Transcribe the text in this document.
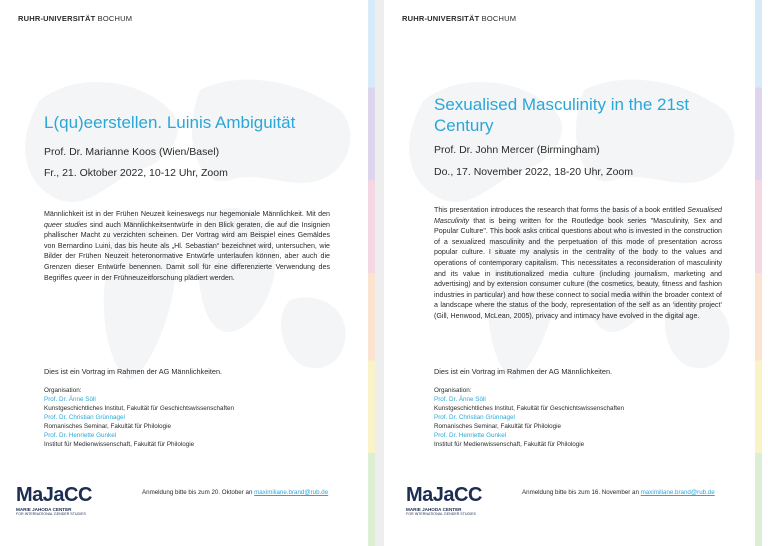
RUHR-UNIVERSITÄT BOCHUM
L(qu)eerstellen. Luinis Ambiguität
Prof. Dr. Marianne Koos (Wien/Basel)
Fr., 21. Oktober 2022, 10-12 Uhr, Zoom
Männlichkeit ist in der Frühen Neuzeit keineswegs nur hegemoniale Männlichkeit. Mit den queer studies sind auch Männlichkeitsentwürfe in den Blick geraten, die auf die Insignien phallischer Macht zu verzichten scheinen. Der Vortrag wird am Beispiel eines Gemäldes von Bernardino Luini, das bis heute als „Hl. Sebastian“ bezeichnet wird, untersuchen, wie Bilder der Frühen Neuzeit heteronormative Entwürfe unterlaufen können, aber auch die Grenzen dieser Entwürfe benennen. Damit soll für eine differenzierte Verwendung des Begriffes queer in der Frühneuzeitforschung plädiert werden.
Dies ist ein Vortrag im Rahmen der AG Männlichkeiten.
Organisation:
Prof. Dr. Änne Söll
Kunstgeschichtliches Institut, Fakultät für Geschichtswissenschaften
Prof. Dr. Christian Grünnagel
Romanisches Seminar, Fakultät für Philologie
Prof. Dr. Henriette Gunkel
Institut für Medienwissenschaft, Fakultät für Philologie
MaJaCC
MARIE JAHODA CENTER
FOR INTERNATIONAL GENDER STUDIES
Anmeldung bitte bis zum 20. Oktober an maximiliane.brand@rub.de
RUHR-UNIVERSITÄT BOCHUM
Sexualised Masculinity in the 21st Century
Prof. Dr. John Mercer (Birmingham)
Do., 17. November 2022, 18-20 Uhr, Zoom
This presentation introduces the research that forms the basis of a book entitled Sexualised Masculinity that is being written for the Routledge book series "Masculinity, Sex and Popular Culture". This book asks critical questions about who is invested in the construction of a sexualized masculinity and the perpetuation of this mode of presentation across popular culture. I situate my analysis in the centrality of the body to the values and operations of contemporary capitalism. This necessitates a reconsideration of masculinity and its value in institutionalized media culture (including journalism, marketing and advertising) and by extension consumer culture (the cosmetics, beauty, fitness and fashion industries in particular) and how these connect to social media within the broader context of a landscape where the status of the body, representation of the self as an ‘identity project’ (Gill, Henwood, McLean, 2005), privacy and intimacy have evolved in the digital age.
Dies ist ein Vortrag im Rahmen der AG Männlichkeiten.
Organisation:
Prof. Dr. Änne Söll
Kunstgeschichtliches Institut, Fakultät für Geschichtswissenschaften
Prof. Dr. Christian Grünnagel
Romanisches Seminar, Fakultät für Philologie
Prof. Dr. Henriette Gunkel
Institut für Medienwissenschaft, Fakultät für Philologie
MaJaCC
MARIE JAHODA CENTER
FOR INTERNATIONAL GENDER STUDIES
Anmeldung bitte bis zum 16. November an maximiliane.brand@rub.de
